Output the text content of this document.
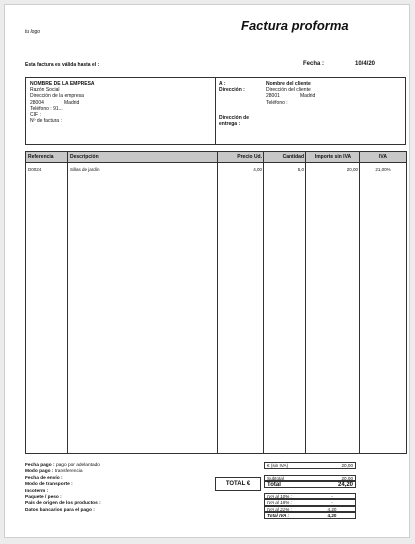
tu logo	Factura proforma
Esta factura es válida hasta el :	Fecha :	10/4/20
NOMBRE DE LA EMPRESA
Razón Social
Dirección de la empresa
28004	Madrid
Teléfono : 91...
CIF :
Nº de factura :
A :
Dirección :
Dirección de entrega :
Nombre del cliente
Dirección del cliente
28001	Madrid
Teléfono :
Referencia	Descripción	Precio Ud.	Cantidad	Importe sin IVA	IVA
D0024	Sillas de jardín	4,00	5,0	20,00	21,00%
Fecha pago : pago por adelantado
Modo pago : transferencia
Fecha de envío :
Modo de transporte :
Incoterm :
Paquete / peso :
País de origen de los productos :
Datos bancarios para el pago :
TOTAL €
€ (sin IVA)	20,00
Subtotal	20,00
Total	24,20
IVA al 10% :	-
IVA al 18% :	-
IVA al 21% :	4,20
Total IVA :	4,20
